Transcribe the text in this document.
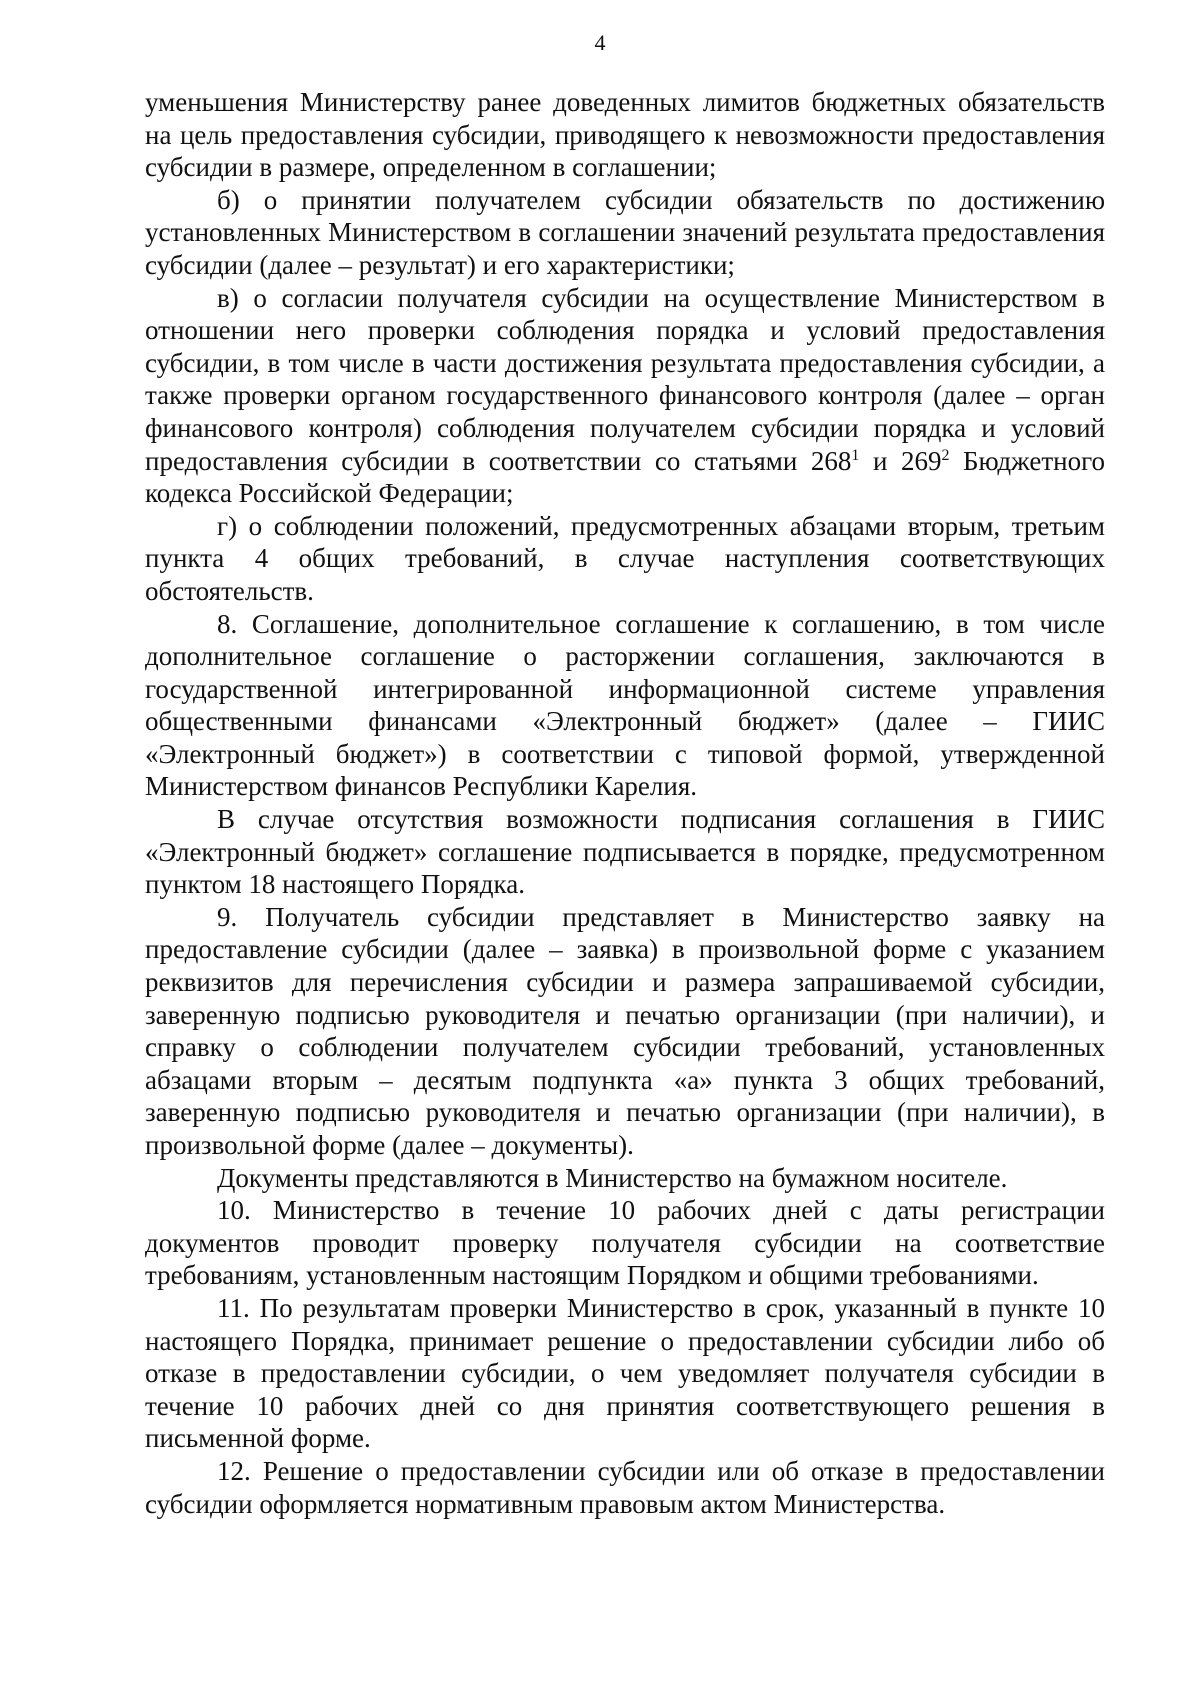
4

уменьшения Министерству ранее доведенных лимитов бюджетных обязательств на цель предоставления субсидии, приводящего к невозможности предоставления субсидии в размере, определенном в соглашении;

б) о принятии получателем субсидии обязательств по достижению установленных Министерством в соглашении значений результата предоставления субсидии (далее – результат) и его характеристики;

в) о согласии получателя субсидии на осуществление Министерством в отношении него проверки соблюдения порядка и условий предоставления субсидии, в том числе в части достижения результата предоставления субсидии, а также проверки органом государственного финансового контроля (далее – орган финансового контроля) соблюдения получателем субсидии порядка и условий предоставления субсидии в соответствии со статьями $268^1$ и $269^2$ Бюджетного кодекса Российской Федерации;

г) о соблюдении положений, предусмотренных абзацами вторым, третьим пункта 4 общих требований, в случае наступления соответствующих обстоятельств.

8. Соглашение, дополнительное соглашение к соглашению, в том числе дополнительное соглашение о расторжении соглашения, заключаются в государственной интегрированной информационной системе управления общественными финансами «Электронный бюджет» (далее – ГИИС «Электронный бюджет») в соответствии с типовой формой, утвержденной Министерством финансов Республики Карелия.

В случае отсутствия возможности подписания соглашения в ГИИС «Электронный бюджет» соглашение подписывается в порядке, предусмотренном пунктом 18 настоящего Порядка.

9. Получатель субсидии представляет в Министерство заявку на предоставление субсидии (далее – заявка) в произвольной форме с указанием реквизитов для перечисления субсидии и размера запрашиваемой субсидии, заверенную подписью руководителя и печатью организации (при наличии), и справку о соблюдении получателем субсидии требований, установленных абзацами вторым – десятым подпункта «а» пункта 3 общих требований, заверенную подписью руководителя и печатью организации (при наличии), в произвольной форме (далее – документы).

Документы представляются в Министерство на бумажном носителе.

10. Министерство в течение 10 рабочих дней с даты регистрации документов проводит проверку получателя субсидии на соответствие требованиям, установленным настоящим Порядком и общими требованиями.

11. По результатам проверки Министерство в срок, указанный в пункте 10 настоящего Порядка, принимает решение о предоставлении субсидии либо об отказе в предоставлении субсидии, о чем уведомляет получателя субсидии в течение 10 рабочих дней со дня принятия соответствующего решения в письменной форме.

12. Решение о предоставлении субсидии или об отказе в предоставлении субсидии оформляется нормативным правовым актом Министерства.
